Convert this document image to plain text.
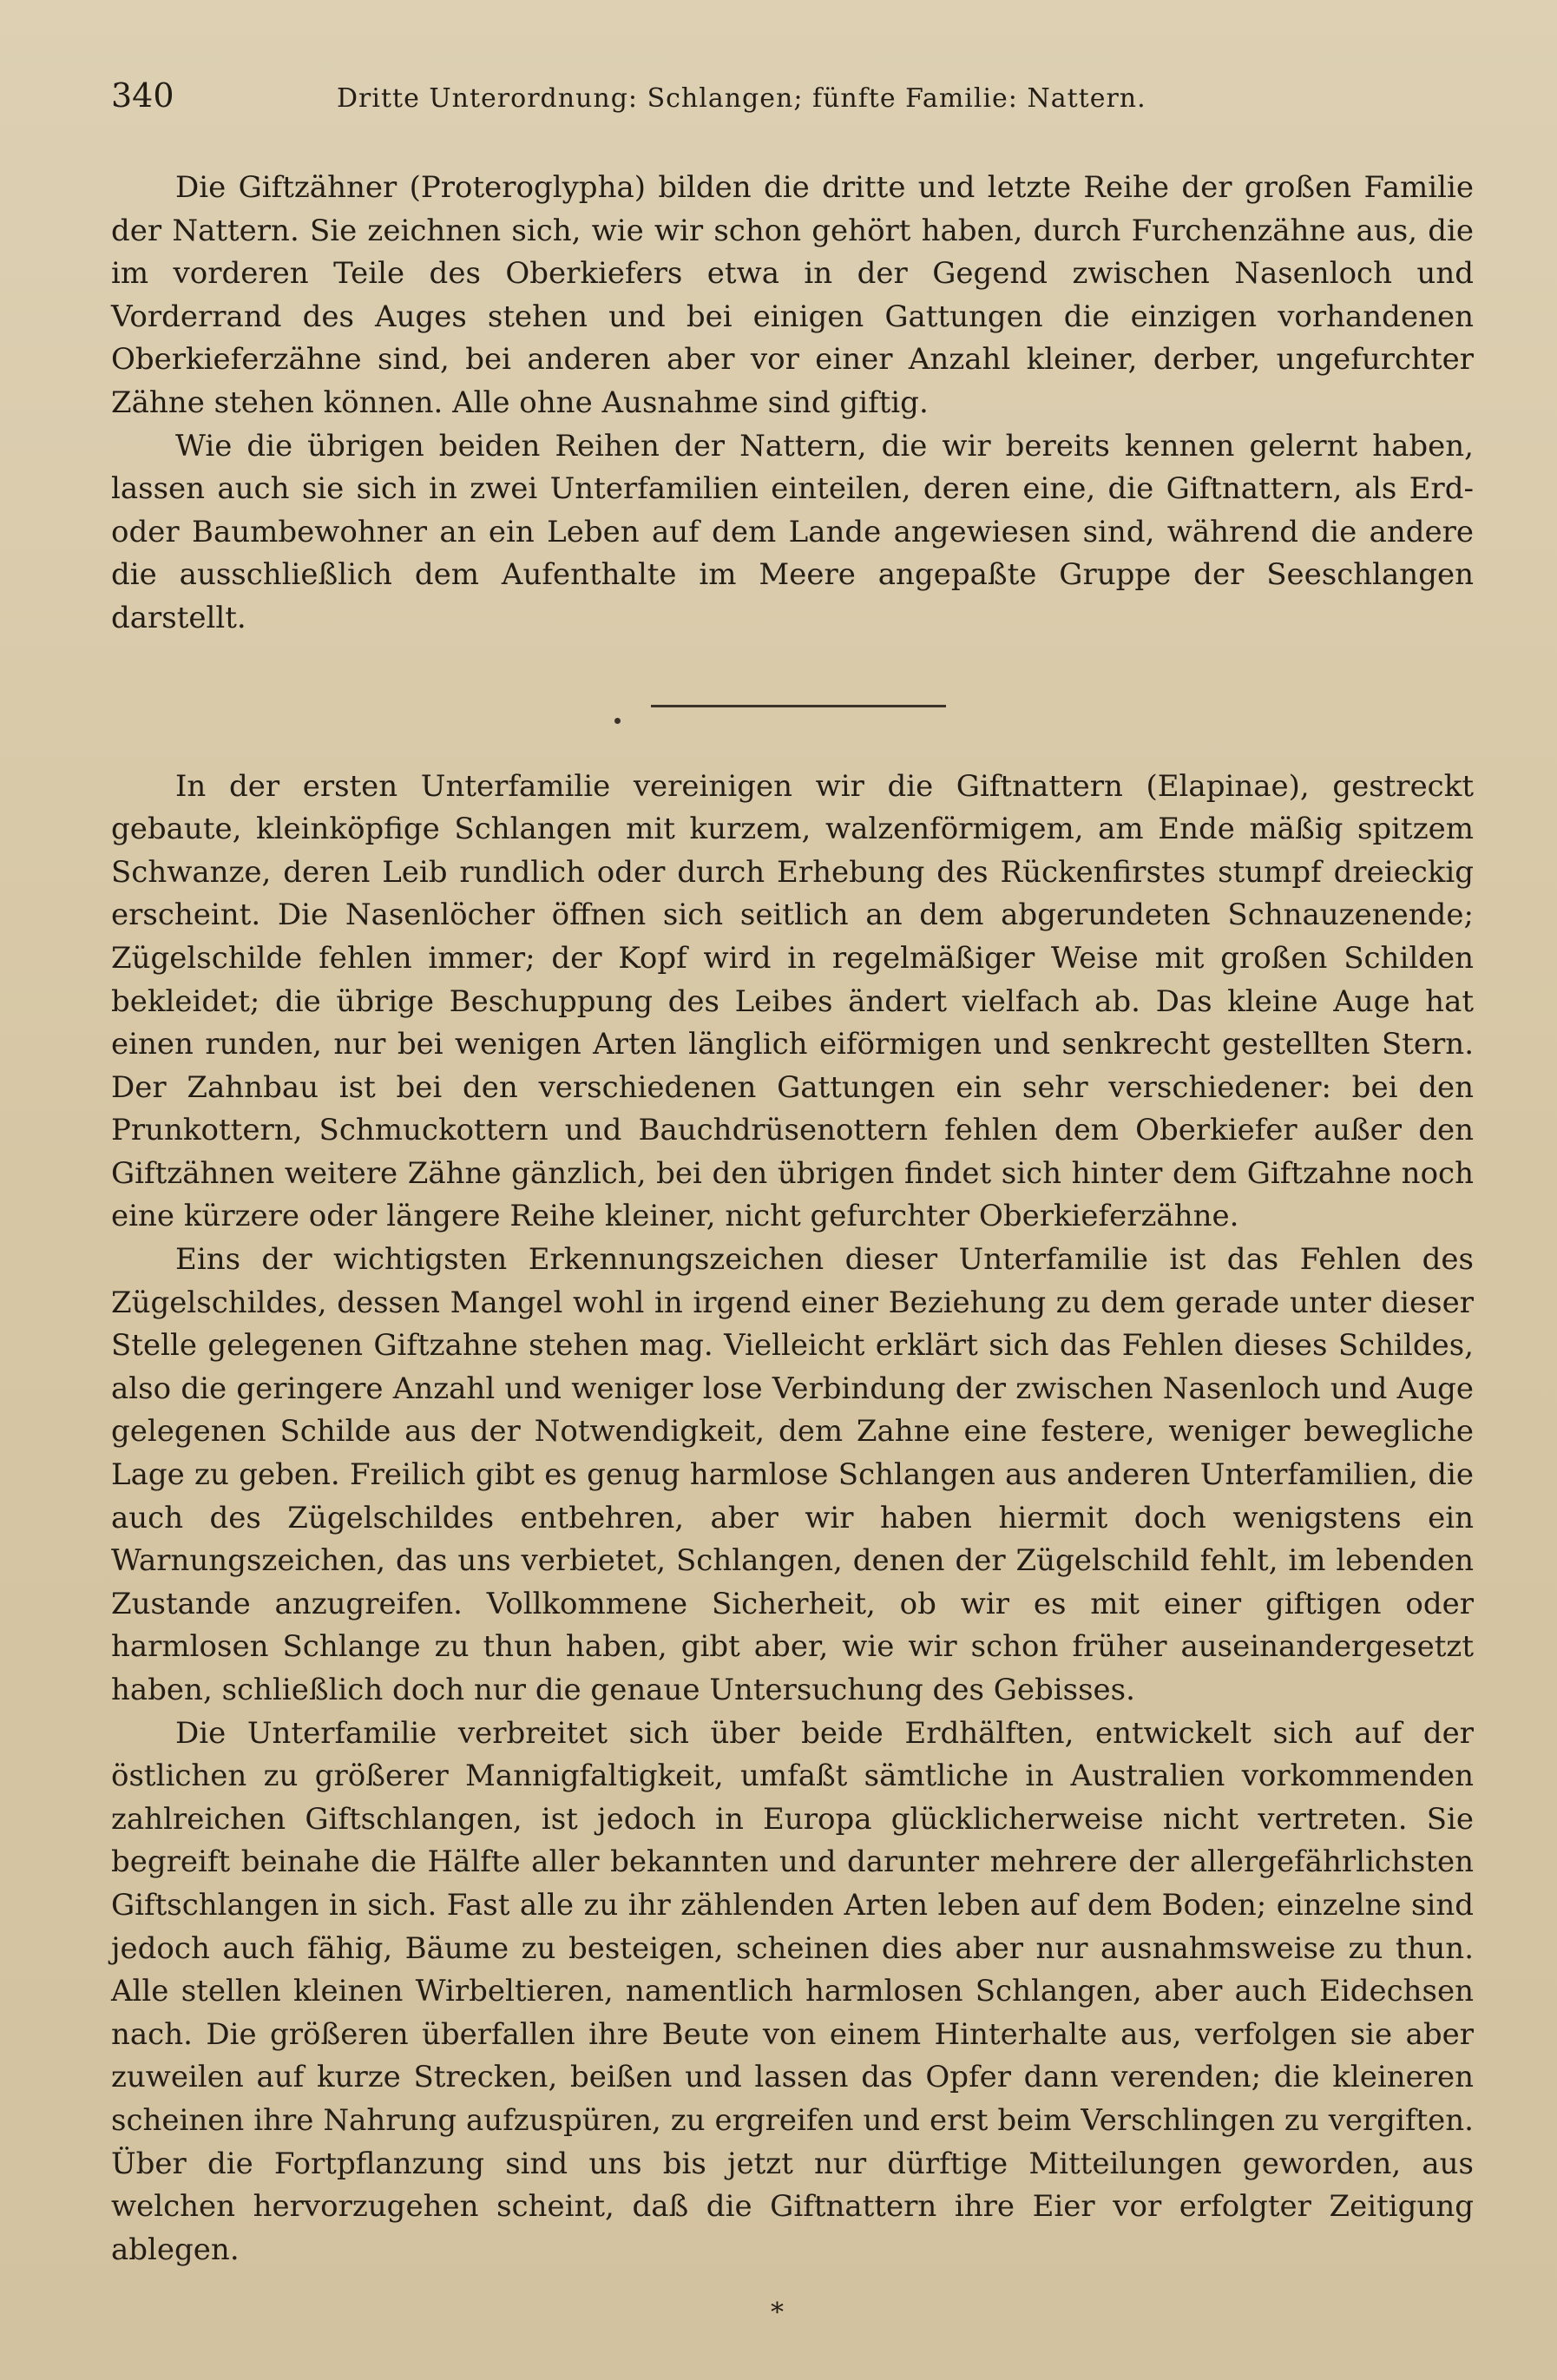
340	Dritte Unterordnung: Schlangen; fünfte Familie: Nattern.

Die Giftzähner (Proteroglypha) bilden die dritte und letzte Reihe der großen Familie der Nattern. Sie zeichnen sich, wie wir schon gehört haben, durch Furchenzähne aus, die im vorderen Teile des Oberkiefers etwa in der Gegend zwischen Nasenloch und Vorderrand des Auges stehen und bei einigen Gattungen die einzigen vorhandenen Oberkieferzähne sind, bei anderen aber vor einer Anzahl kleiner, derber, ungefurchter Zähne stehen können. Alle ohne Ausnahme sind giftig.

Wie die übrigen beiden Reihen der Nattern, die wir bereits kennen gelernt haben, lassen auch sie sich in zwei Unterfamilien einteilen, deren eine, die Giftnattern, als Erd- oder Baumbewohner an ein Leben auf dem Lande angewiesen sind, während die andere die ausschließlich dem Aufenthalte im Meere angepaßte Gruppe der Seeschlangen darstellt.

In der ersten Unterfamilie vereinigen wir die Giftnattern (Elapinae), gestreckt gebaute, kleinköpfige Schlangen mit kurzem, walzenförmigem, am Ende mäßig spitzem Schwanze, deren Leib rundlich oder durch Erhebung des Rückenfirstes stumpf dreieckig erscheint. Die Nasenlöcher öffnen sich seitlich an dem abgerundeten Schnauzenende; Zügelschilde fehlen immer; der Kopf wird in regelmäßiger Weise mit großen Schilden bekleidet; die übrige Beschuppung des Leibes ändert vielfach ab. Das kleine Auge hat einen runden, nur bei wenigen Arten länglich eiförmigen und senkrecht gestellten Stern. Der Zahnbau ist bei den verschiedenen Gattungen ein sehr verschiedener: bei den Prunkottern, Schmuckottern und Bauchdrüsenottern fehlen dem Oberkiefer außer den Giftzähnen weitere Zähne gänzlich, bei den übrigen findet sich hinter dem Giftzahne noch eine kürzere oder längere Reihe kleiner, nicht gefurchter Oberkieferzähne.

Eins der wichtigsten Erkennungszeichen dieser Unterfamilie ist das Fehlen des Zügelschildes, dessen Mangel wohl in irgend einer Beziehung zu dem gerade unter dieser Stelle gelegenen Giftzahne stehen mag. Vielleicht erklärt sich das Fehlen dieses Schildes, also die geringere Anzahl und weniger lose Verbindung der zwischen Nasenloch und Auge gelegenen Schilde aus der Notwendigkeit, dem Zahne eine festere, weniger bewegliche Lage zu geben. Freilich gibt es genug harmlose Schlangen aus anderen Unterfamilien, die auch des Zügelschildes entbehren, aber wir haben hiermit doch wenigstens ein Warnungszeichen, das uns verbietet, Schlangen, denen der Zügelschild fehlt, im lebenden Zustande anzugreifen. Vollkommene Sicherheit, ob wir es mit einer giftigen oder harmlosen Schlange zu thun haben, gibt aber, wie wir schon früher auseinandergesetzt haben, schließlich doch nur die genaue Untersuchung des Gebisses.

Die Unterfamilie verbreitet sich über beide Erdhälften, entwickelt sich auf der östlichen zu größerer Mannigfaltigkeit, umfaßt sämtliche in Australien vorkommenden zahlreichen Giftschlangen, ist jedoch in Europa glücklicherweise nicht vertreten. Sie begreift beinahe die Hälfte aller bekannten und darunter mehrere der allergefährlichsten Giftschlangen in sich. Fast alle zu ihr zählenden Arten leben auf dem Boden; einzelne sind jedoch auch fähig, Bäume zu besteigen, scheinen dies aber nur ausnahmsweise zu thun. Alle stellen kleinen Wirbeltieren, namentlich harmlosen Schlangen, aber auch Eidechsen nach. Die größeren überfallen ihre Beute von einem Hinterhalte aus, verfolgen sie aber zuweilen auf kurze Strecken, beißen und lassen das Opfer dann verenden; die kleineren scheinen ihre Nahrung aufzuspüren, zu ergreifen und erst beim Verschlingen zu vergiften. Über die Fortpflanzung sind uns bis jetzt nur dürftige Mitteilungen geworden, aus welchen hervorzugehen scheint, daß die Giftnattern ihre Eier vor erfolgter Zeitigung ablegen.

*
